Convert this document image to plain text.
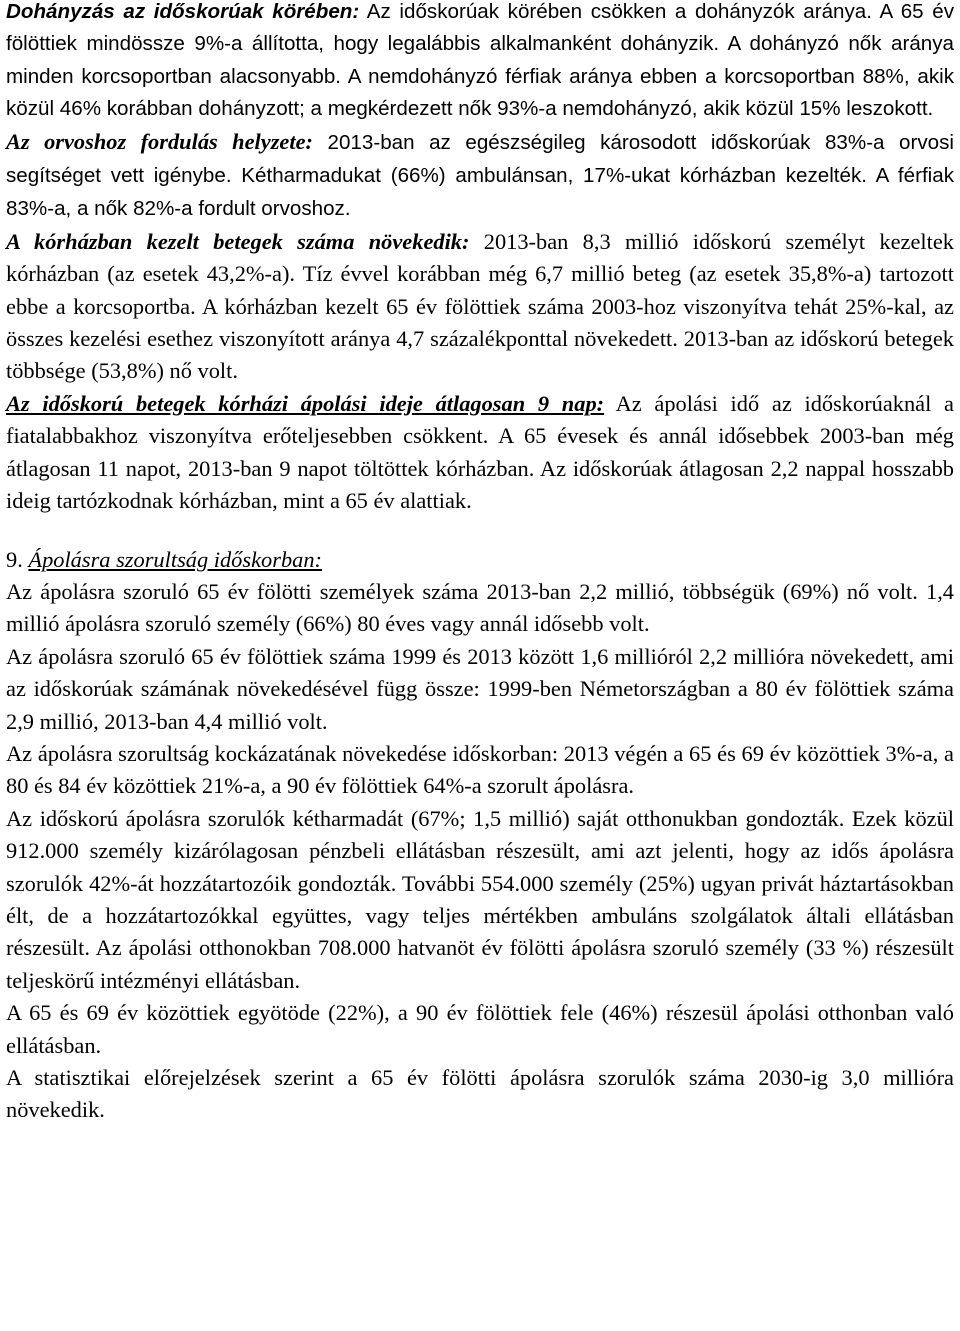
Dohányzás az időskorúak körében: Az időskorúak körében csökken a dohányzók aránya. A 65 év fölöttiek mindössze 9%-a állította, hogy legalábbis alkalmanként dohányzik. A dohányzó nők aránya minden korcsoportban alacsonyabb. A nemdohányzó férfiak aránya ebben a korcsoportban 88%, akik közül 46% korábban dohányzott; a megkérdezett nők 93%-a nemdohányzó, akik közül 15% leszokott.

Az orvoshoz fordulás helyzete: 2013-ban az egészségileg károsodott időskorúak 83%-a orvosi segítséget vett igénybe. Kétharmadukat (66%) ambulánsan, 17%-ukat kórházban kezelték. A férfiak 83%-a, a nők 82%-a fordult orvoshoz.

A kórházban kezelt betegek száma növekedik: 2013-ban 8,3 millió időskorú személyt kezeltek kórházban (az esetek 43,2%-a). Tíz évvel korábban még 6,7 millió beteg (az esetek 35,8%-a) tartozott ebbe a korcsoportba. A kórházban kezelt 65 év fölöttiek száma 2003-hoz viszonyítva tehát 25%-kal, az összes kezelési esethez viszonyított aránya 4,7 százalékponttal növekedett. 2013-ban az időskorú betegek többsége (53,8%) nő volt.

Az időskorú betegek kórházi ápolási ideje átlagosan 9 nap: Az ápolási idő az időskorúaknál a fiatalabbakhoz viszonyítva erőteljesebben csökkent. A 65 évesek és annál idősebbek 2003-ban még átlagosan 11 napot, 2013-ban 9 napot töltöttek kórházban. Az időskorúak átlagosan 2,2 nappal hosszabb ideig tartózkodnak kórházban, mint a 65 év alattiak.

9. Ápolásra szorultság időskorban:

Az ápolásra szoruló 65 év fölötti személyek száma 2013-ban 2,2 millió, többségük (69%) nő volt. 1,4 millió ápolásra szoruló személy (66%) 80 éves vagy annál idősebb volt.

Az ápolásra szoruló 65 év fölöttiek száma 1999 és 2013 között 1,6 millióról 2,2 millióra növekedett, ami az időskorúak számának növekedésével függ össze: 1999-ben Németországban a 80 év fölöttiek száma 2,9 millió, 2013-ban 4,4 millió volt.

Az ápolásra szorultság kockázatának növekedése időskorban: 2013 végén a 65 és 69 év közöttiek 3%-a, a 80 és 84 év közöttiek 21%-a, a 90 év fölöttiek 64%-a szorult ápolásra.

Az időskorú ápolásra szorulók kétharmadát (67%; 1,5 millió) saját otthonukban gondozták. Ezek közül 912.000 személy kizárólagosan pénzbeli ellátásban részesült, ami azt jelenti, hogy az idős ápolásra szorulók 42%-át hozzátartozóik gondozták. További 554.000 személy (25%) ugyan privát háztartásokban élt, de a hozzátartozókkal együttes, vagy teljes mértékben ambuláns szolgálatok általi ellátásban részesült. Az ápolási otthonokban 708.000 hatvanöt év fölötti ápolásra szoruló személy (33 %) részesült teljeskörű intézményi ellátásban.

A 65 és 69 év közöttiek egyötöde (22%), a 90 év fölöttiek fele (46%) részesül ápolási otthonban való ellátásban.

A statisztikai előrejelzések szerint a 65 év fölötti ápolásra szorulók száma 2030-ig 3,0 millióra növekedik.
